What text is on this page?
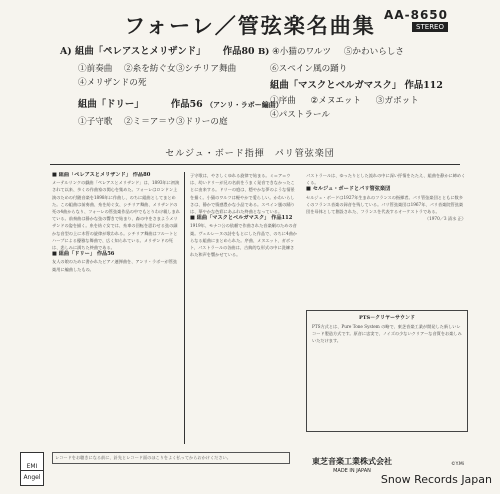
フォーレ／管弦楽名曲集 AA-8650
STEREO
A) 組曲「ペレアスとメリザンド」 作品80
①前奏曲 ②糸を紡ぐ女 ③シチリア舞曲
④メリザンドの死
組曲「ドリー」	作品56 （アンリ・ラボー編曲）
①子守歌 ②ミ＝ア＝ウ ③ドリーの庭
B) ④小猫のワルツ ⑤かわいらしさ
⑥スペイン風の踊り
組曲「マスクとベルガマスク」 作品112
①序曲 ②メヌエット ③ガボット
④パストラール
セルジュ・ボード指揮　パリ管弦楽団
■ 組曲「ペレアスとメリザンド」 作品80
メーテルリンクの戯曲「ペレアスとメリザンド」は、1893年に初演されて以来、多くの作曲家の関心を集めた。フォーレはロンドン上演のための付随音楽を1898年に作曲し、のちに組曲としてまとめた。この組曲は前奏曲、糸を紡ぐ女、シチリア舞曲、メリザンドの死の4曲からなり、フォーレの管弦楽作品の中でもとりわけ親しまれている。前奏曲は静かな弦の響きで始まり、森の中をさまようメリザンドの姿を描く。糸を紡ぐ女では、糸車の回転を思わせる弦の細かな音型の上に木管の旋律が歌われる。シチリア舞曲はフルートとハープによる優雅な舞曲で、広く知られている。メリザンドの死は、悲しみに満ちた終曲である。
■ 組曲「ドリー」 作品56
友人の娘のために書かれたピアノ連弾曲を、アンリ・ラボーが管弦楽用に編曲したもの。
子守歌は、やさしくゆれる旋律で始まる。ミ＝ア＝ウは、幼いドリーが兄の名前をうまく発音できなかったことに由来する。ドリーの庭は、穏やかな夢のような情景を描く。小猫のワルツは軽やかで愛らしい。かわいらしさは、静かで情感豊かな小品である。スペイン風の踊りは、華やかな色彩にあふれた終曲となっている。
■ 組曲「マスクとベルガマスク」 作品112
1919年、モナコ公の依頼で作曲された音楽劇のための音楽。ヴェルレーヌの詩をもとにした作品で、のちに4曲からなる組曲にまとめられた。序曲、メヌエット、ガボット、パストラールの各曲は、古典的な形式の中に洗練された和声を響かせている。
パストラールは、ゆったりとした流れの中に深い抒情をたたえ、組曲を静かに締めくくる。
■ セルジュ・ボードとパリ管弦楽団
セルジュ・ボードは1927年生まれのフランスの指揮者。パリ管弦楽団とともに数多くのフランス音楽の録音を残している。パリ管弦楽団は1967年、パリ音楽院管弦楽団を母体として創設された、フランスを代表するオーケストラである。
（1970／3 清水 正）
PTS－クリヤーサウンド
PTS方式とは、Pure Tone System の略で、東芝音楽工業が開発した新しいレコード製造方式です。原音に忠実で、ノイズの少ないクリアーな音質をお楽しみいただけます。
EMI
Angel
レコードをお聴きになる前に、針先とレコード面のほこりをよく払ってからおかけください。	東芝音楽工業株式会社
MADE IN JAPAN
©Y.Mi
Snow Records Japan
